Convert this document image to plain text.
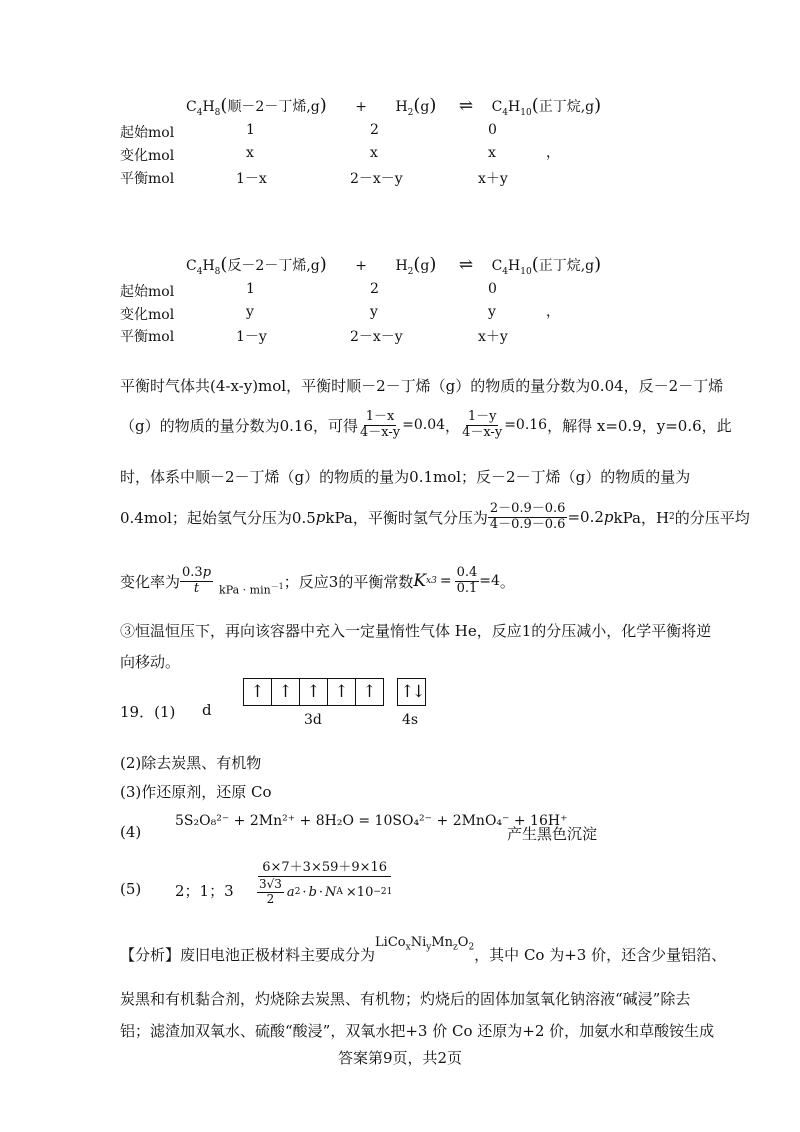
$C_4H_8$(顺－2－丁烯$,g) + H_2(g)$ ⇌ $C_4H_{10}$(正丁烷,g)
起始mol	1	2	0
变化mol	x	x	x	，
平衡mol	1－x	2－x－y	x＋y
$C_4H_8$(反－2－丁烯$,g) + H_2(g)$ ⇌ $C_4H_{10}$(正丁烷,g)
起始mol	1	2	0
变化mol	y	y	y	，
平衡mol	1－y	2－x－y	x＋y
平衡时气体共(4-x-y)mol，平衡时顺－2－丁烯（g）的物质的量分数为0.04，反－2－丁烯
（g）的物质的量分数为0.16，可得 $\frac{1-x}{4-x-y} =0.04$ ， $\frac{1-y}{4-x-y} =0.16$ ，解得 x=0.9，y=0.6，此
时，体系中顺－2－丁烯（g）的物质的量为0.1mol；反－2－丁烯（g）的物质的量为
0.4mol；起始氢气分压为0.5 p kPa，平衡时氢气分压为 $\frac{2-0.9-0.6}{4-0.9-0.6} =0.2$ p kPa，H 2 的分压平均
变化率为 $\frac{0.3p}{t}$ kPa · $\min^{-1}$ ；反应3的平衡常数 K $x3 = \frac{0.4}{0.1} =4$ 。
③恒温恒压下，再向该容器中充入一定量惰性气体 He，反应1的分压减小，化学平衡将逆
向移动。
19．(1) d
↑ ↑ ↑ ↑ ↑	↑↓
3d	4s
(2)除去炭黑、有机物
(3)作还原剂，还原 Co
(4)
5S₂O₈²⁻ + 2Mn²⁺ + 8H₂O = 10SO₄²⁻ + 2MnO₄⁻ + 16H⁺
产生黑色沉淀
(5) 2；1；3
6×7＋3×59＋9×16
$\frac{3√3}{2}$ a 2 · b · N A ×10 −21
【分析】 废旧电池正极材料主要成分为
$LiCo_xNi_yMn_zO_2$ ，其中 Co 为+3 价，还含少量铝箔、
炭黑和有机黏合剂，灼烧除去炭黑、有机物；灼烧后的固体加氢氧化钠溶液“碱浸”除去
铝；滤渣加双氧水、硫酸“酸浸”，双氧水把+3 价 Co 还原为+2 价，加氨水和草酸铵生成
答案第9页，共2页
